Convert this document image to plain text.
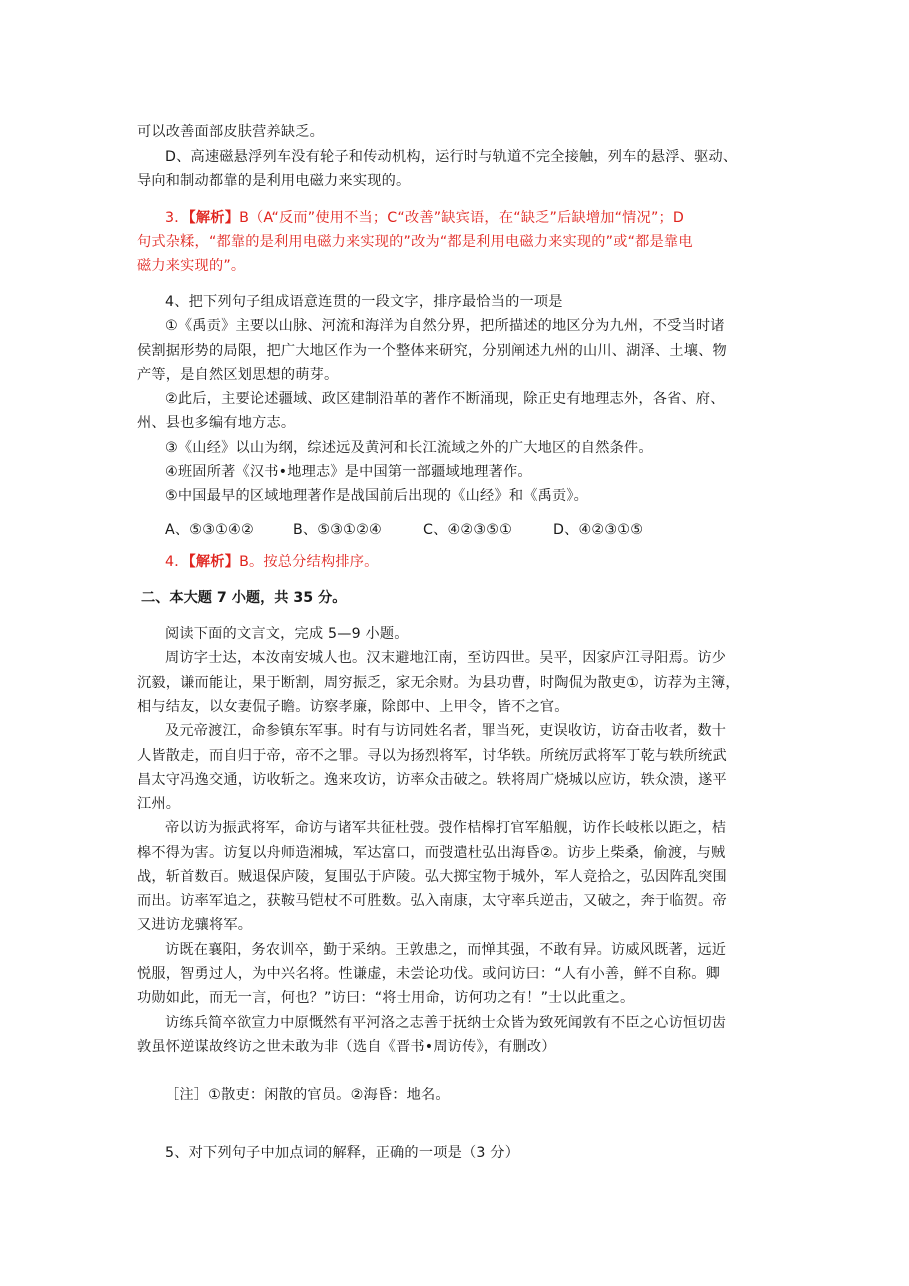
可以改善面部皮肤营养缺乏。
D、高速磁悬浮列车没有轮子和传动机构，运行时与轨道不完全接触，列车的悬浮、驱动、
导向和制动都靠的是利用电磁力来实现的。
3．【解析】B（A“反而”使用不当；C“改善”缺宾语，在“缺乏”后缺增加“情况”；D
句式杂糅，“都靠的是利用电磁力来实现的”改为“都是利用电磁力来实现的”或“都是靠电
磁力来实现的”。
4、把下列句子组成语意连贯的一段文字，排序最恰当的一项是
①《禹贡》主要以山脉、河流和海洋为自然分界，把所描述的地区分为九州，不受当时诸
侯割据形势的局限，把广大地区作为一个整体来研究，分别阐述九州的山川、湖泽、土壤、物
产等，是自然区划思想的萌芽。
②此后，主要论述疆域、政区建制沿革的著作不断涌现，除正史有地理志外，各省、府、
州、县也多编有地方志。
③《山经》以山为纲，综述远及黄河和长江流域之外的广大地区的自然条件。
④班固所著《汉书•地理志》是中国第一部疆域地理著作。
⑤中国最早的区域地理著作是战国前后出现的《山经》和《禹贡》。
A、⑤③①④②	B、⑤③①②④	C、④②③⑤①	D、④②③①⑤
4．【解析】B。按总分结构排序。
二、本大题 7 小题，共 35 分。
阅读下面的文言文，完成 5—9 小题。
周访字士达，本汝南安城人也。汉末避地江南，至访四世。吴平，因家庐江寻阳焉。访少
沉毅，谦而能让，果于断割，周穷振乏，家无余财。为县功曹，时陶侃为散吏①，访荐为主簿，
相与结友，以女妻侃子瞻。访察孝廉，除郎中、上甲令，皆不之官。
及元帝渡江，命参镇东军事。时有与访同姓名者，罪当死，吏误收访，访奋击收者，数十
人皆散走，而自归于帝，帝不之罪。寻以为扬烈将军，讨华轶。所统厉武将军丁乾与轶所统武
昌太守冯逸交通，访收斩之。逸来攻访，访率众击破之。轶将周广烧城以应访，轶众溃，遂平
江州。
帝以访为振武将军，命访与诸军共征杜弢。弢作桔槔打官军船舰，访作长岐枨以距之，桔
槔不得为害。访复以舟师造湘城，军达富口，而弢遣杜弘出海昏②。访步上柴桑，偷渡，与贼
战，斩首数百。贼退保庐陵，复围弘于庐陵。弘大掷宝物于城外，军人竞拾之，弘因阵乱突围
而出。访率军追之，获鞍马铠杖不可胜数。弘入南康，太守率兵逆击，又破之，奔于临贺。帝
又进访龙骧将军。
访既在襄阳，务农训卒，勤于采纳。王敦患之，而惮其强，不敢有异。访威风既著，远近
悦服，智勇过人，为中兴名将。性谦虚，未尝论功伐。或问访曰：“人有小善，鲜不自称。卿
功勋如此，而无一言，何也？”访曰：“将士用命，访何功之有！”士以此重之。
访练兵简卒欲宣力中原慨然有平河洛之志善于抚纳士众皆为致死闻敦有不臣之心访恒切齿
敦虽怀逆谋故终访之世未敢为非（选自《晋书•周访传》，有删改）
［注］①散吏：闲散的官员。②海昏：地名。
5、对下列句子中加点词的解释，正确的一项是（3 分）
